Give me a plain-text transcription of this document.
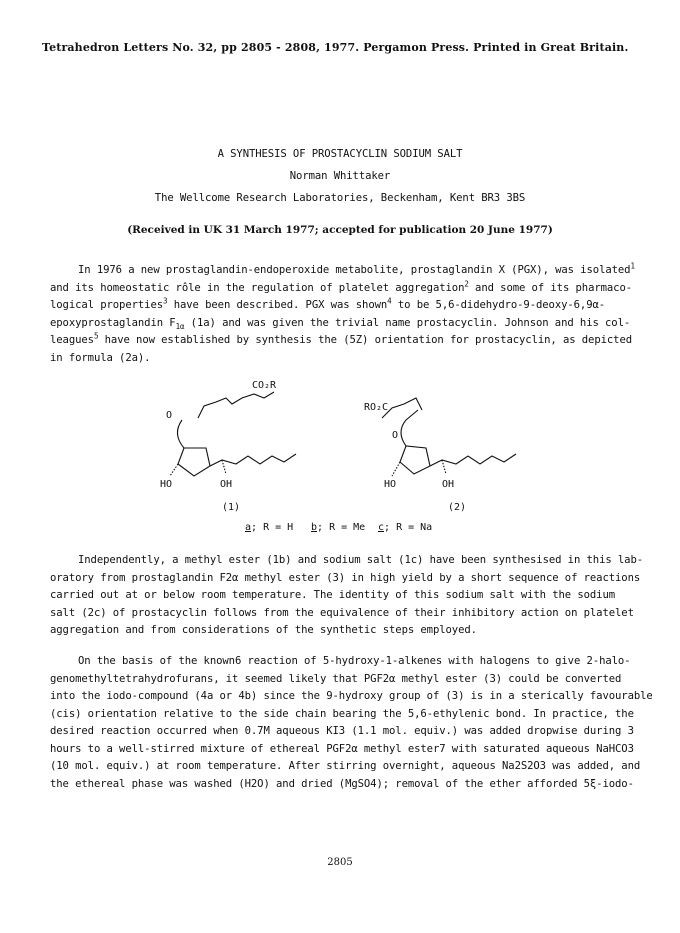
Tetrahedron Letters No. 32, pp 2805 - 2808, 1977. Pergamon Press. Printed in Great Britain.
A SYNTHESIS OF PROSTACYCLIN SODIUM SALT
Norman Whittaker
The Wellcome Research Laboratories, Beckenham, Kent BR3 3BS
(Received in UK 31 March 1977; accepted for publication 20 June 1977)
In 1976 a new prostaglandin-endoperoxide metabolite, prostaglandin X (PGX), was isolated$^1$
and its homeostatic rôle in the regulation of platelet aggregation$^2$ and some of its pharmaco-
logical properties$^3$ have been described. PGX was shown$^4$ to be 5,6-didehydro-9-deoxy-6,9α-
epoxyprostaglandin $F_{1\alpha}$ (1a) and was given the trivial name prostacyclin. Johnson and his col-
leagues$^5$ have now established by synthesis the (5Z) orientation for prostacyclin, as depicted
in formula (2a).
CO₂R
RO₂C
O
O
HO	OH	HO	OH
(1)	(2)
a; R = H b; R = Me c; R = Na
Independently, a methyl ester (1b) and sodium salt (1c) have been synthesised in this lab-
oratory from prostaglandin F2α methyl ester (3) in high yield by a short sequence of reactions
carried out at or below room temperature. The identity of this sodium salt with the sodium
salt (2c) of prostacyclin follows from the equivalence of their inhibitory action on platelet
aggregation and from considerations of the synthetic steps employed.
On the basis of the known6 reaction of 5-hydroxy-1-alkenes with halogens to give 2-halo-
genomethyltetrahydrofurans, it seemed likely that PGF2α methyl ester (3) could be converted
into the iodo-compound (4a or 4b) since the 9-hydroxy group of (3) is in a sterically favourable
(cis) orientation relative to the side chain bearing the 5,6-ethylenic bond. In practice, the
desired reaction occurred when 0.7M aqueous KI3 (1.1 mol. equiv.) was added dropwise during 3
hours to a well-stirred mixture of ethereal PGF2α methyl ester7 with saturated aqueous NaHCO3
(10 mol. equiv.) at room temperature. After stirring overnight, aqueous Na2S2O3 was added, and
the ethereal phase was washed (H2O) and dried (MgSO4); removal of the ether afforded 5ξ-iodo-
2805
